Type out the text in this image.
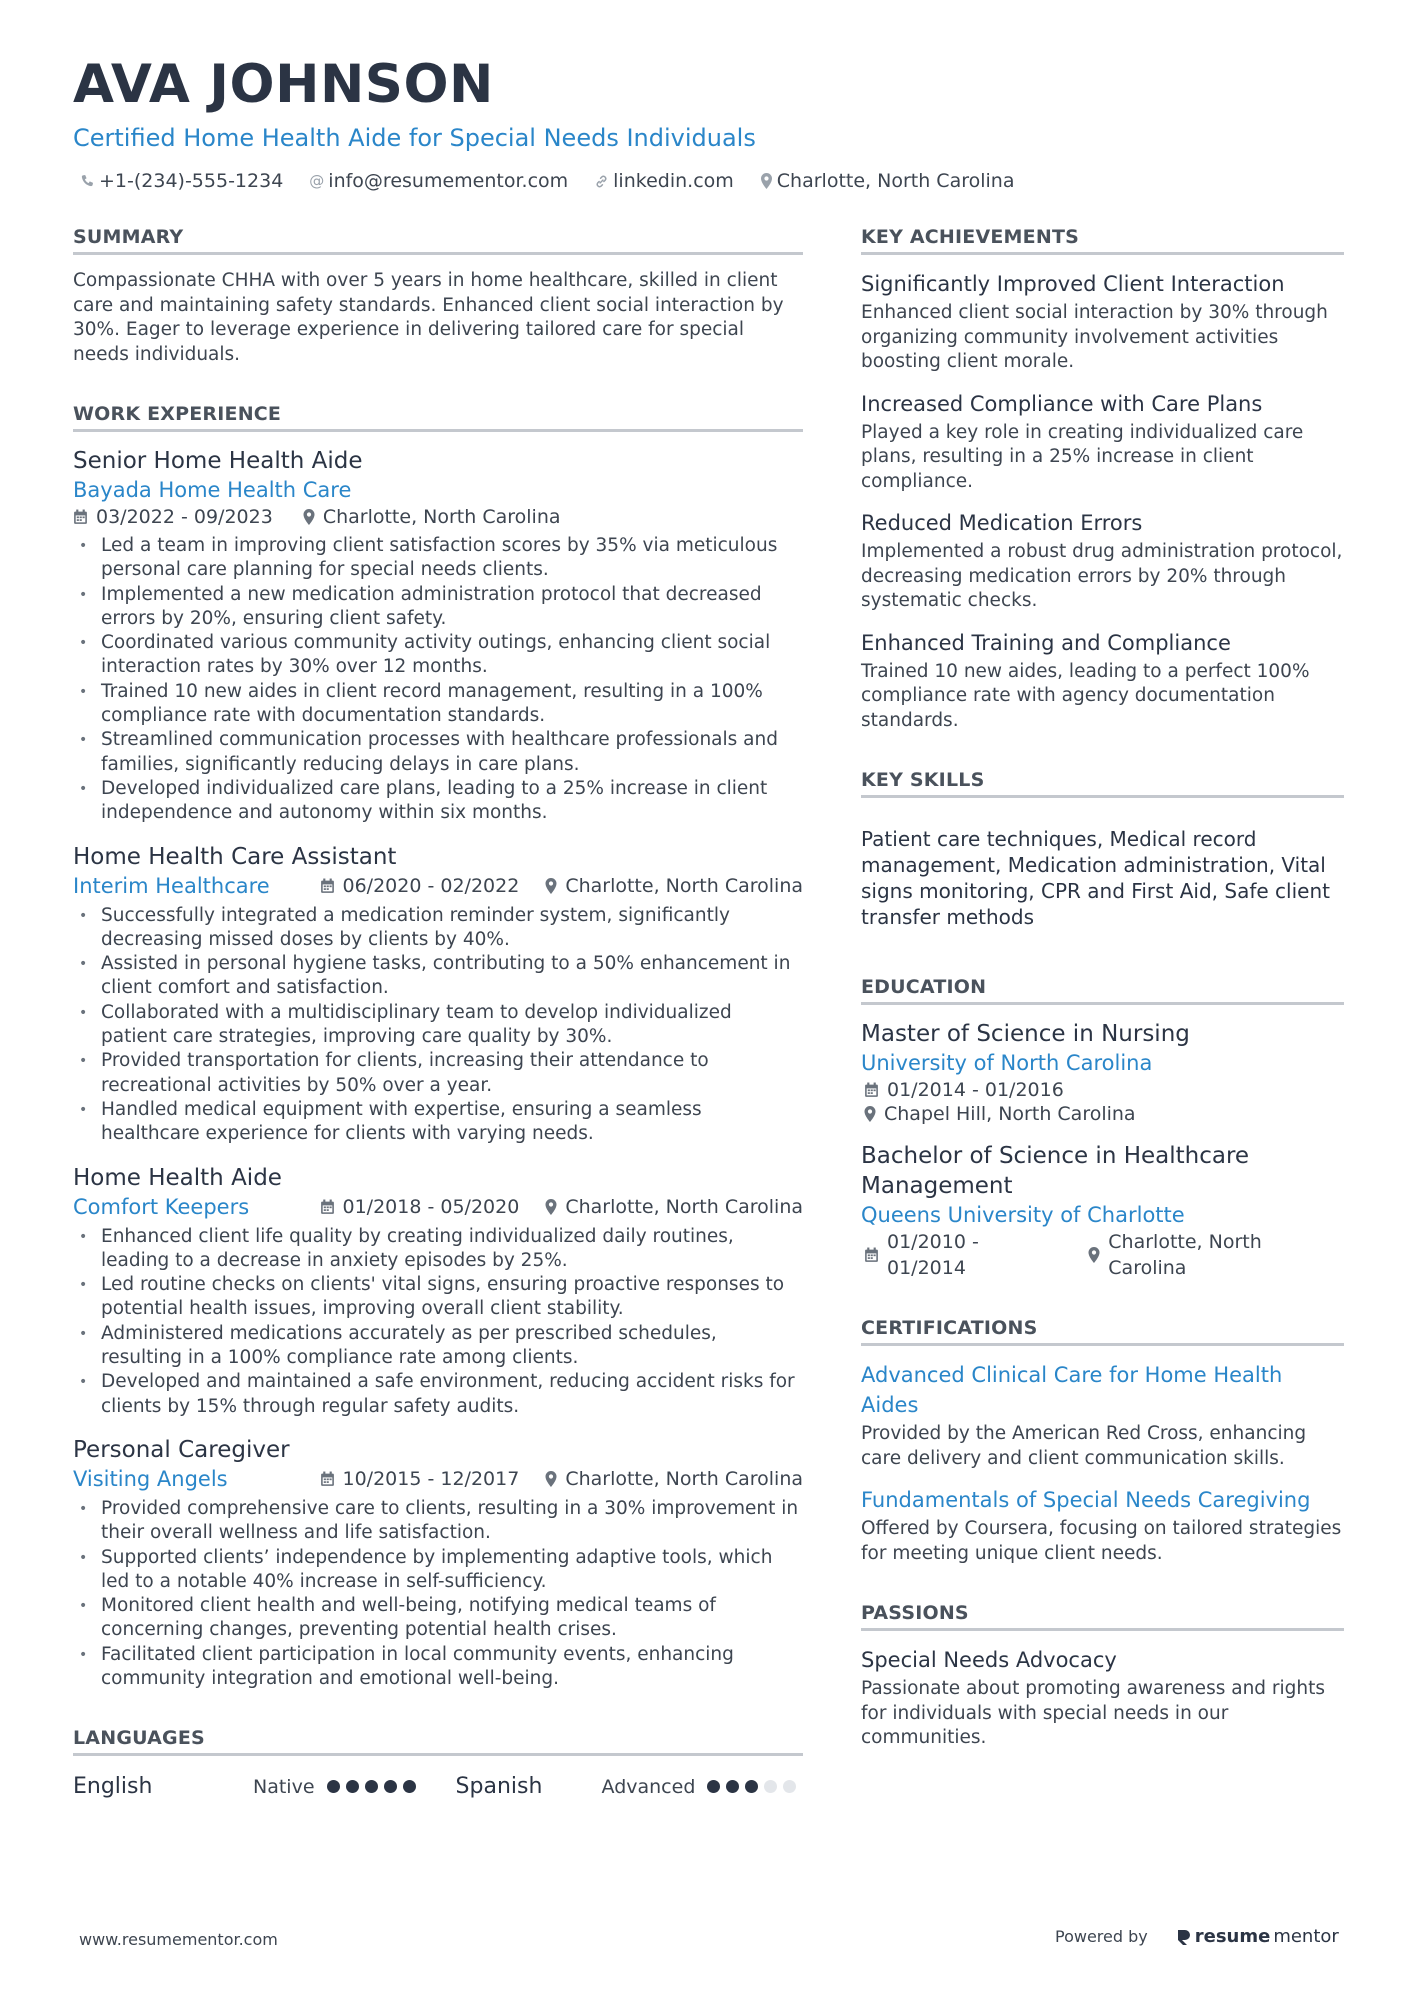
AVA JOHNSON
Certified Home Health Aide for Special Needs Individuals
+1-(234)-555-1234 @ info@resumementor.com linkedin.com Charlotte, North Carolina
SUMMARY
Compassionate CHHA with over 5 years in home healthcare, skilled in client care and maintaining safety standards. Enhanced client social interaction by 30%. Eager to leverage experience in delivering tailored care for special needs individuals.
WORK EXPERIENCE
Senior Home Health Aide
Bayada Home Health Care
03/2022 - 09/2023	Charlotte, North Carolina
• Led a team in improving client satisfaction scores by 35% via meticulous personal care planning for special needs clients.
• Implemented a new medication administration protocol that decreased errors by 20%, ensuring client safety.
• Coordinated various community activity outings, enhancing client social interaction rates by 30% over 12 months.
• Trained 10 new aides in client record management, resulting in a 100% compliance rate with documentation standards.
• Streamlined communication processes with healthcare professionals and families, significantly reducing delays in care plans.
• Developed individualized care plans, leading to a 25% increase in client independence and autonomy within six months.
Home Health Care Assistant
Interim Healthcare	06/2020 - 02/2022 Charlotte, North Carolina
• Successfully integrated a medication reminder system, significantly decreasing missed doses by clients by 40%.
• Assisted in personal hygiene tasks, contributing to a 50% enhancement in client comfort and satisfaction.
• Collaborated with a multidisciplinary team to develop individualized patient care strategies, improving care quality by 30%.
• Provided transportation for clients, increasing their attendance to recreational activities by 50% over a year.
• Handled medical equipment with expertise, ensuring a seamless healthcare experience for clients with varying needs.
Home Health Aide
Comfort Keepers	01/2018 - 05/2020 Charlotte, North Carolina
• Enhanced client life quality by creating individualized daily routines, leading to a decrease in anxiety episodes by 25%.
• Led routine checks on clients' vital signs, ensuring proactive responses to potential health issues, improving overall client stability.
• Administered medications accurately as per prescribed schedules, resulting in a 100% compliance rate among clients.
• Developed and maintained a safe environment, reducing accident risks for clients by 15% through regular safety audits.
Personal Caregiver
Visiting Angels	10/2015 - 12/2017 Charlotte, North Carolina
• Provided comprehensive care to clients, resulting in a 30% improvement in their overall wellness and life satisfaction.
• Supported clients’ independence by implementing adaptive tools, which led to a notable 40% increase in self-sufficiency.
• Monitored client health and well-being, notifying medical teams of concerning changes, preventing potential health crises.
• Facilitated client participation in local community events, enhancing community integration and emotional well-being.
LANGUAGES
English	Native	Spanish	Advanced
KEY ACHIEVEMENTS
Significantly Improved Client Interaction
Enhanced client social interaction by 30% through organizing community involvement activities boosting client morale.
Increased Compliance with Care Plans
Played a key role in creating individualized care plans, resulting in a 25% increase in client compliance.
Reduced Medication Errors
Implemented a robust drug administration protocol, decreasing medication errors by 20% through systematic checks.
Enhanced Training and Compliance
Trained 10 new aides, leading to a perfect 100% compliance rate with agency documentation standards.
KEY SKILLS
Patient care techniques, Medical record management, Medication administration, Vital signs monitoring, CPR and First Aid, Safe client transfer methods
EDUCATION
Master of Science in Nursing
University of North Carolina
01/2014 - 01/2016
Chapel Hill, North Carolina
Bachelor of Science in Healthcare Management
Queens University of Charlotte
01/2010 - 01/2014
Charlotte, North Carolina
CERTIFICATIONS
Advanced Clinical Care for Home Health Aides
Provided by the American Red Cross, enhancing care delivery and client communication skills.
Fundamentals of Special Needs Caregiving
Offered by Coursera, focusing on tailored strategies for meeting unique client needs.
PASSIONS
Special Needs Advocacy
Passionate about promoting awareness and rights for individuals with special needs in our communities.
www.resumementor.com	Powered by	resume mentor
